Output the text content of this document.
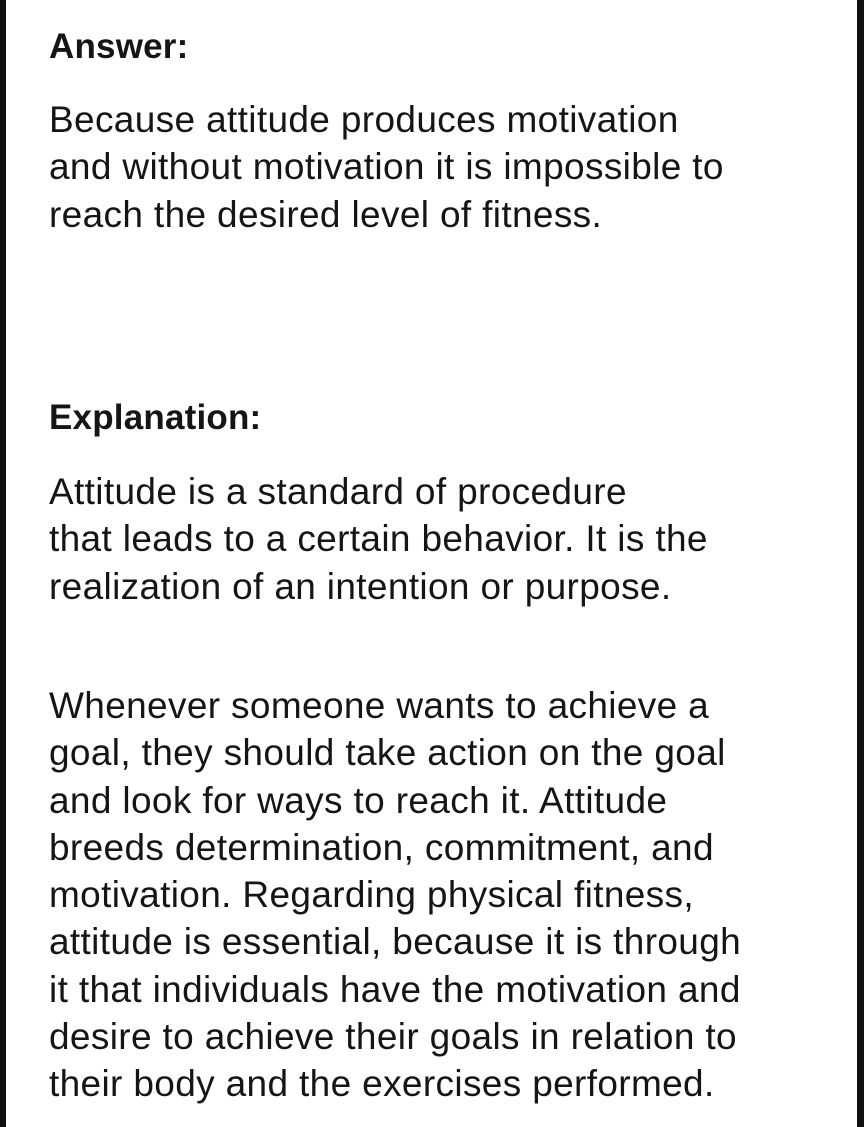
Answer:

Because attitude produces motivation
and without motivation it is impossible to
reach the desired level of fitness.

Explanation:

Attitude is a standard of procedure
that leads to a certain behavior. It is the
realization of an intention or purpose.

Whenever someone wants to achieve a
goal, they should take action on the goal
and look for ways to reach it. Attitude
breeds determination, commitment, and
motivation. Regarding physical fitness,
attitude is essential, because it is through
it that individuals have the motivation and
desire to achieve their goals in relation to
their body and the exercises performed.
